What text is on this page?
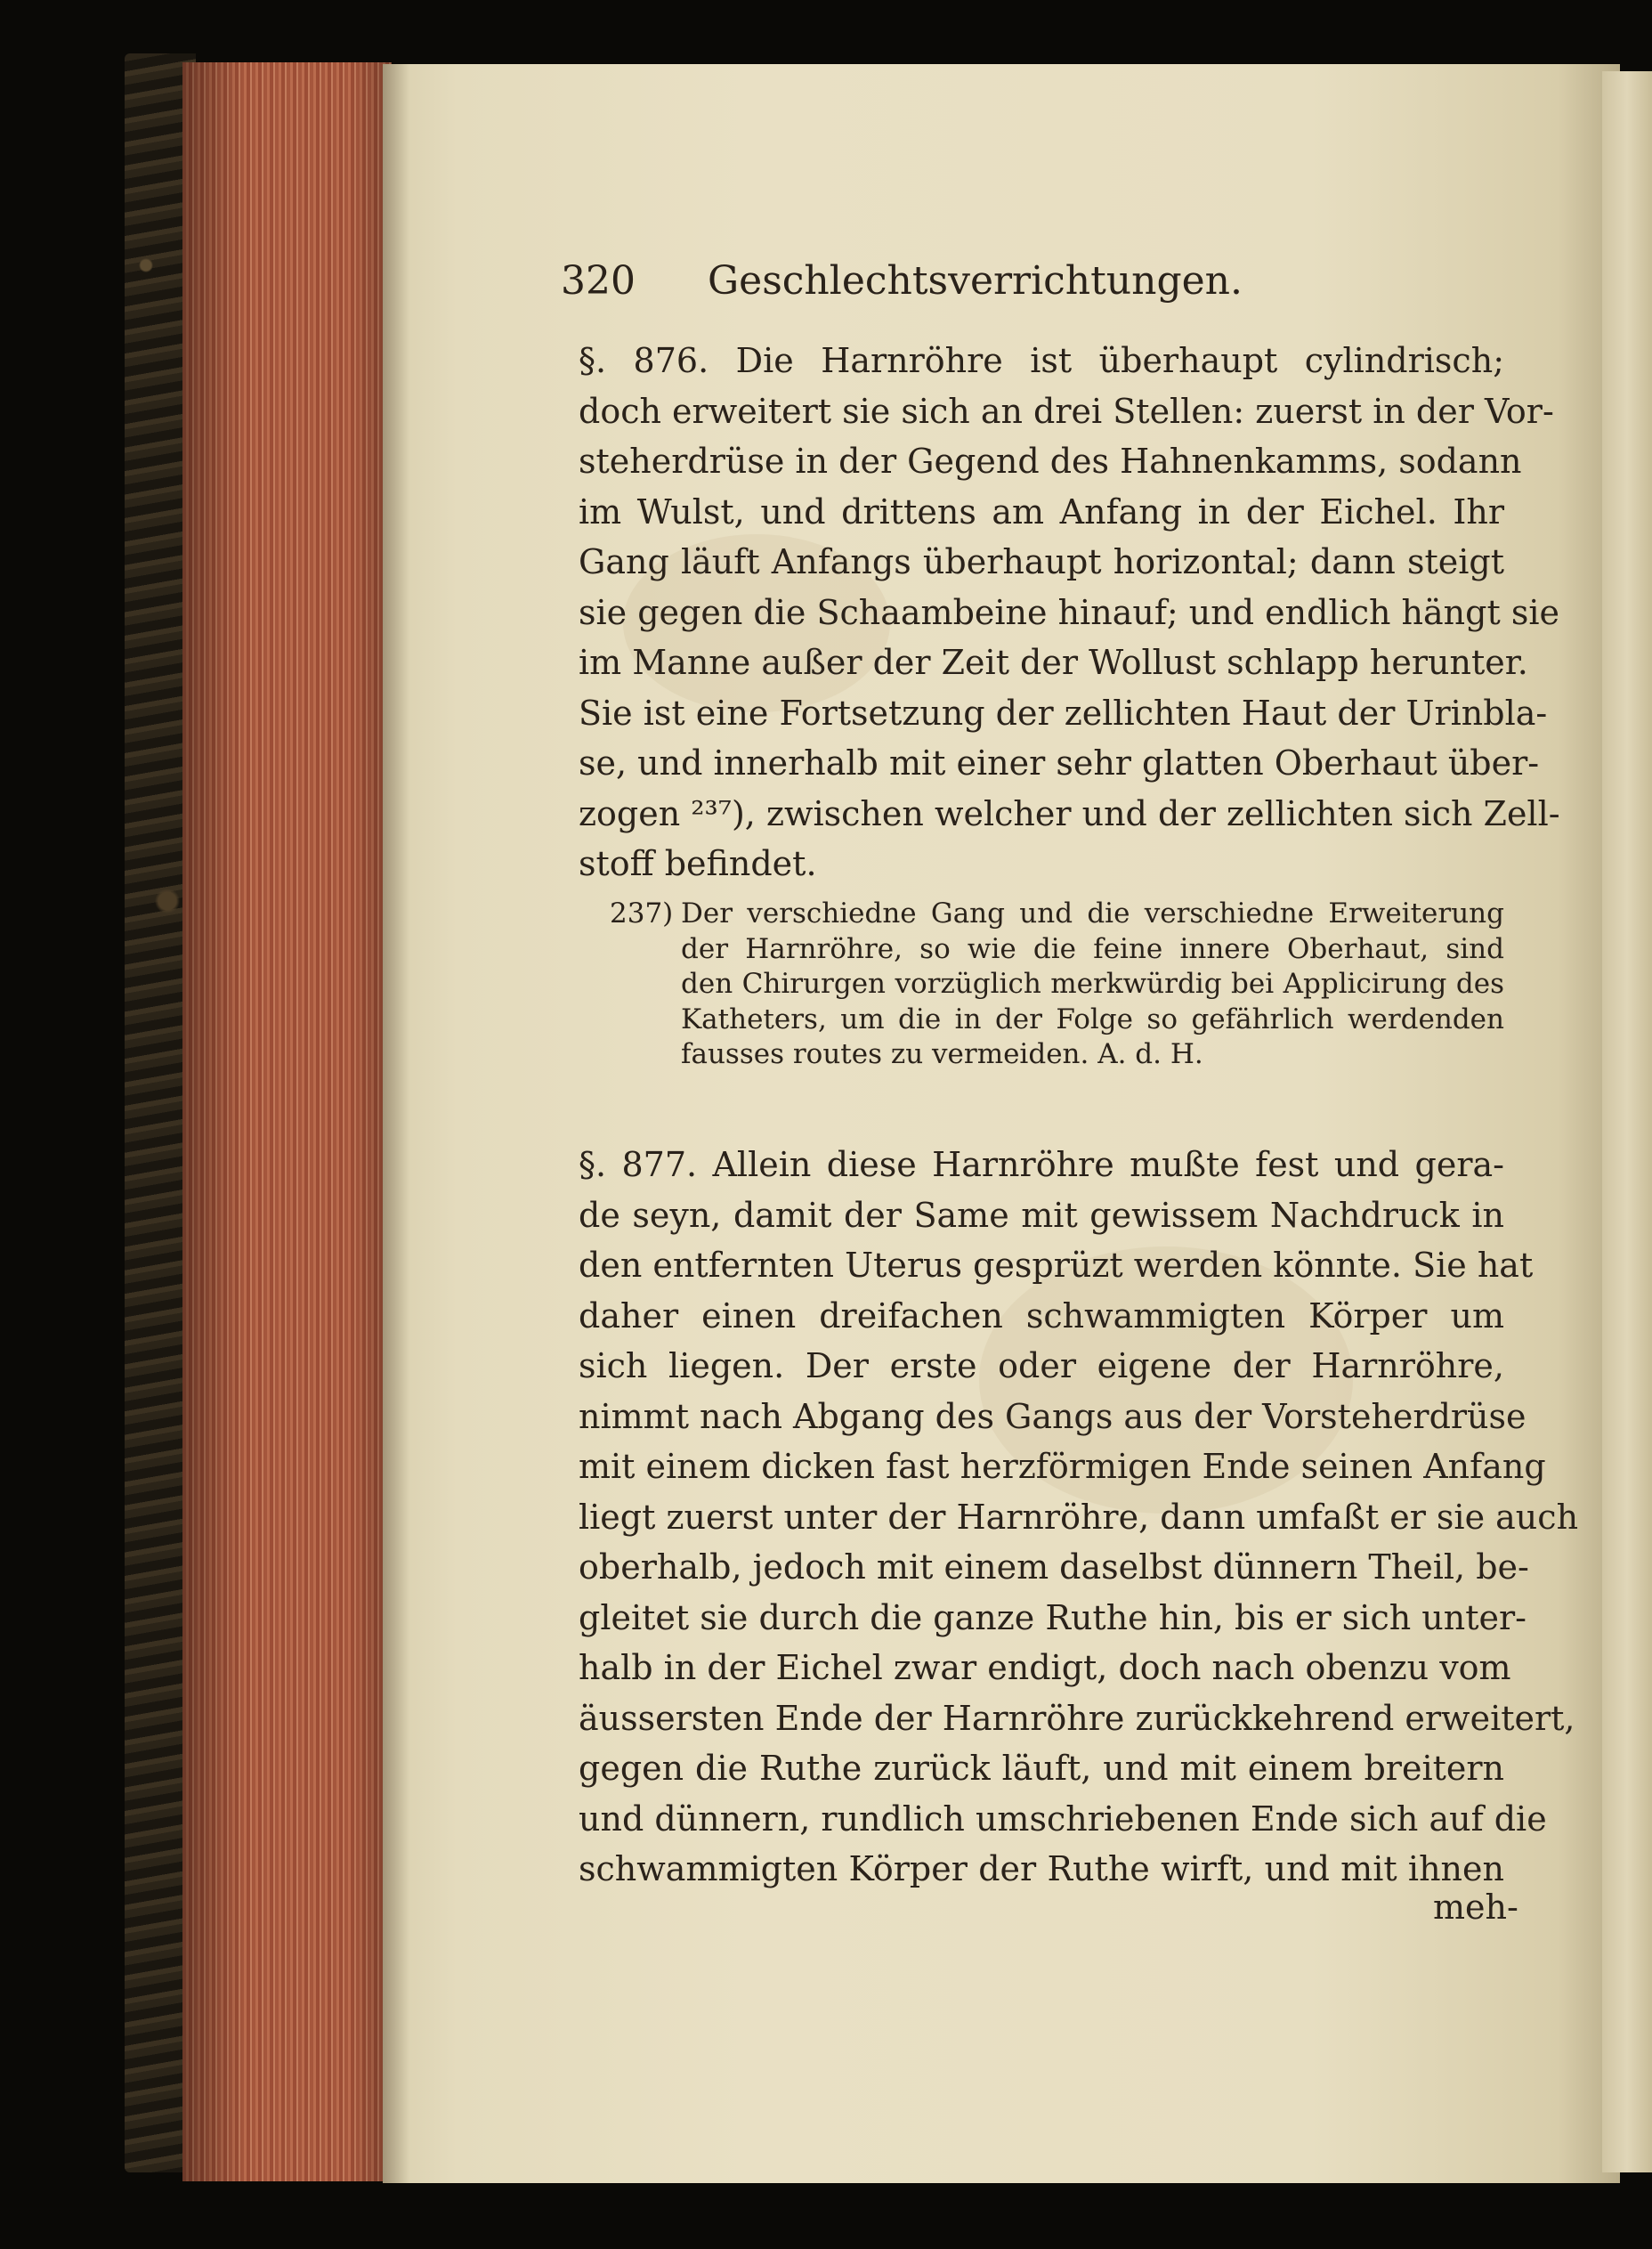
320 Geschlechtsverrichtungen.
§. 876. Die Harnröhre ist überhaupt cylindrisch;
doch erweitert sie sich an drei Stellen: zuerst in der Vor-
steherdrüse in der Gegend des Hahnenkamms, sodann
im Wulst, und drittens am Anfang in der Eichel. Ihr
Gang läuft Anfangs überhaupt horizontal; dann steigt
sie gegen die Schaambeine hinauf; und endlich hängt sie
im Manne außer der Zeit der Wollust schlapp herunter.
Sie ist eine Fortsetzung der zellichten Haut der Urinbla-
se, und innerhalb mit einer sehr glatten Oberhaut über-
zogen ²³⁷), zwischen welcher und der zellichten sich Zell-
stoff befindet.
237) Der verschiedne Gang und die verschiedne Erweiterung
der Harnröhre, so wie die feine innere Oberhaut, sind
den Chirurgen vorzüglich merkwürdig bei Applicirung des
Katheters, um die in der Folge so gefährlich werdenden
fausses routes zu vermeiden. A. d. H.
§. 877. Allein diese Harnröhre mußte fest und gera-
de seyn, damit der Same mit gewissem Nachdruck in
den entfernten Uterus gesprüzt werden könnte. Sie hat
daher einen dreifachen schwammigten Körper um
sich liegen. Der erste oder eigene der Harnröhre,
nimmt nach Abgang des Gangs aus der Vorsteherdrüse
mit einem dicken fast herzförmigen Ende seinen Anfang
liegt zuerst unter der Harnröhre, dann umfaßt er sie auch
oberhalb, jedoch mit einem daselbst dünnern Theil, be-
gleitet sie durch die ganze Ruthe hin, bis er sich unter-
halb in der Eichel zwar endigt, doch nach obenzu vom
äussersten Ende der Harnröhre zurückkehrend erweitert,
gegen die Ruthe zurück läuft, und mit einem breitern
und dünnern, rundlich umschriebenen Ende sich auf die
schwammigten Körper der Ruthe wirft, und mit ihnen
meh-
